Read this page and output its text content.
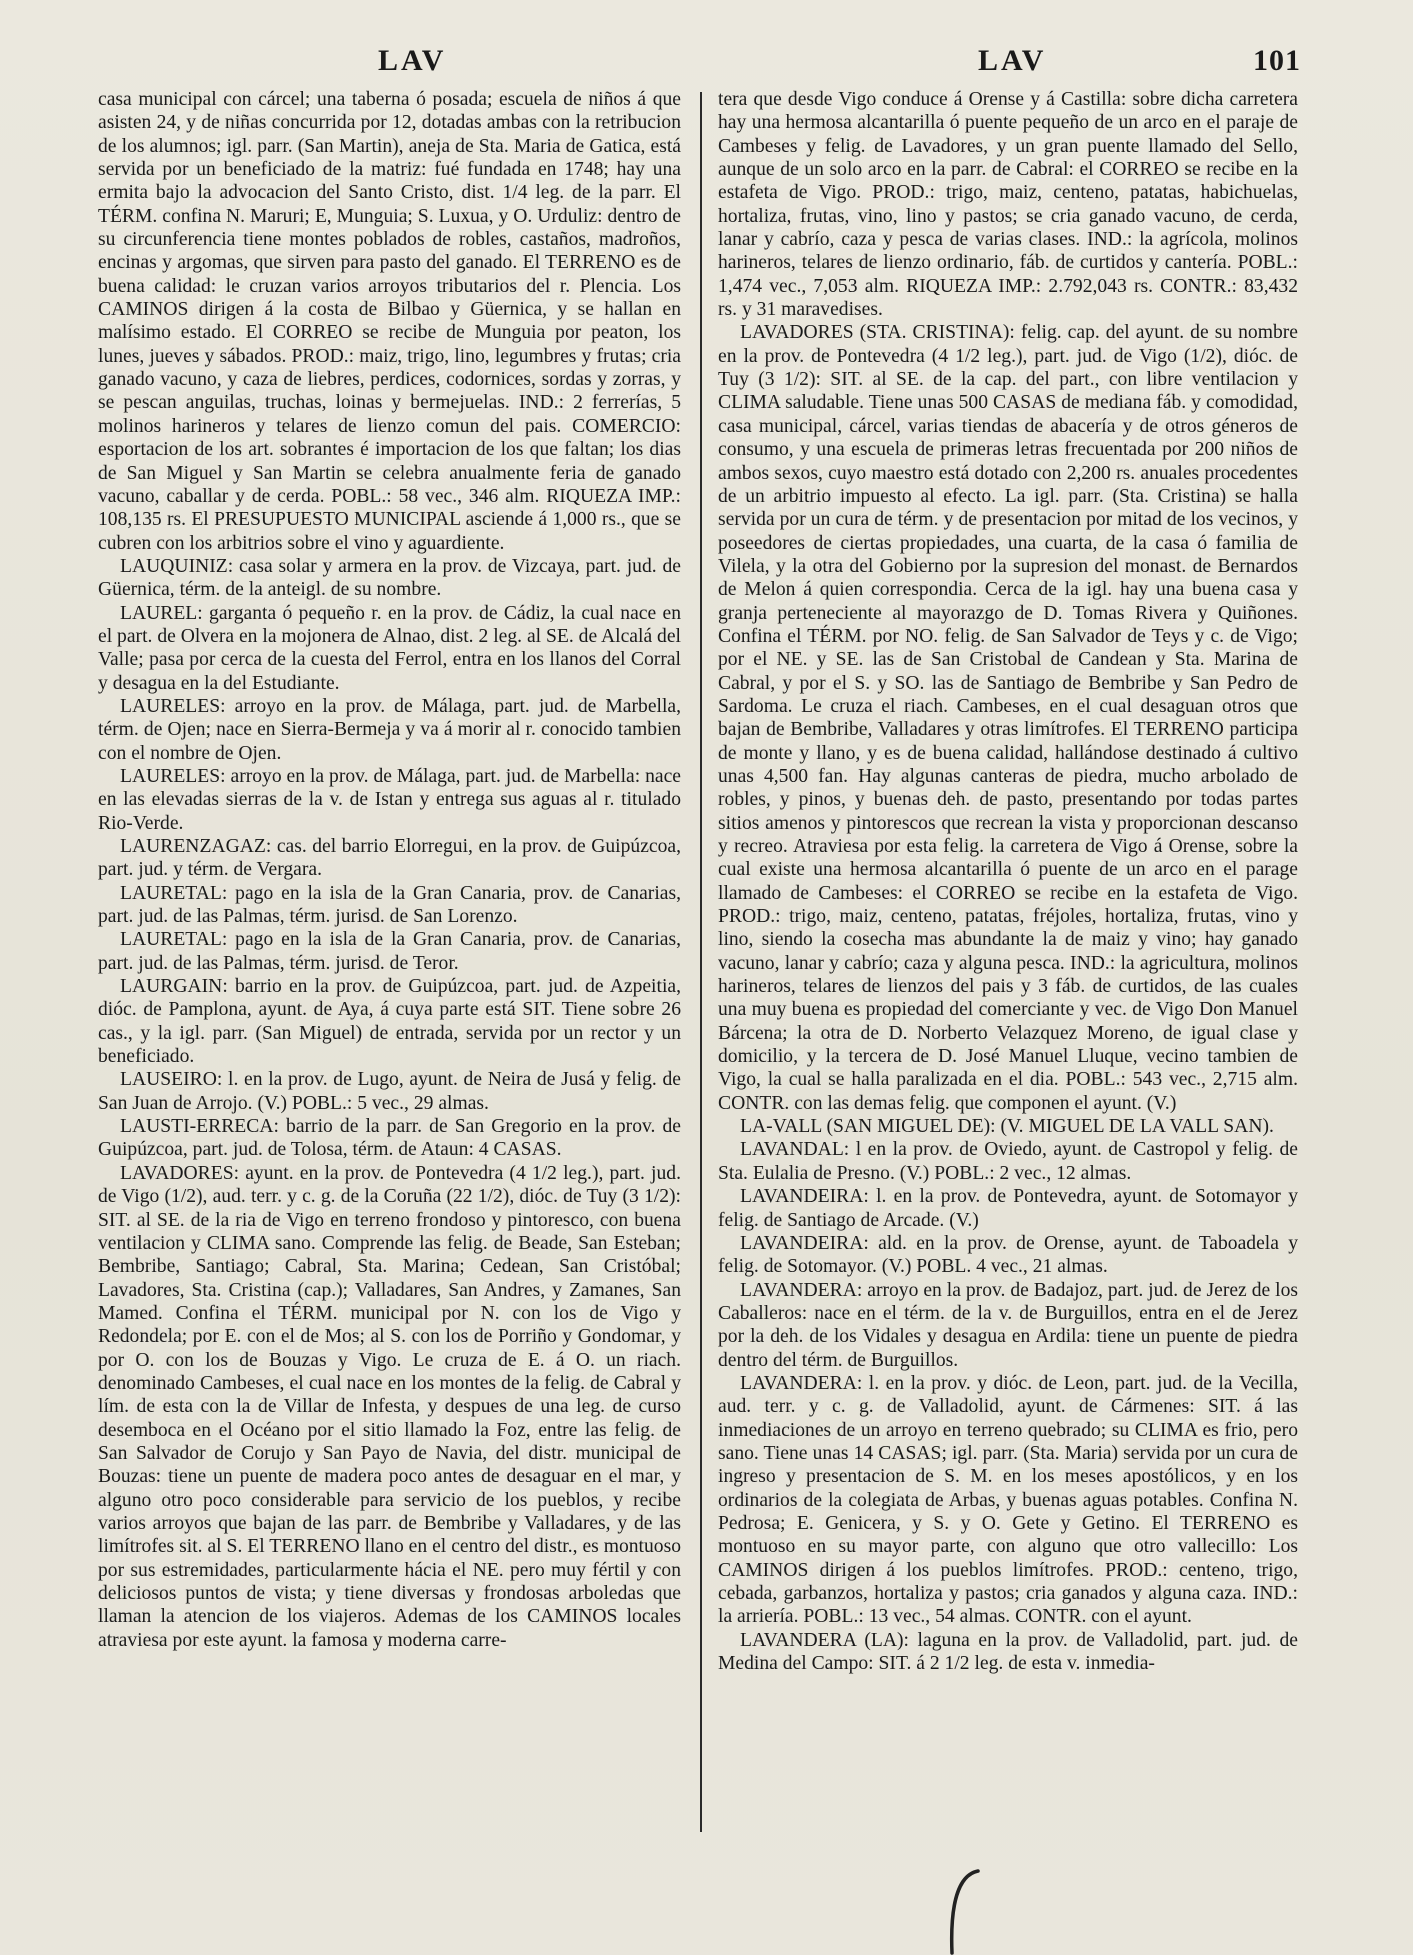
LAV	LAV	101

casa municipal con cárcel; una taberna ó posada; escuela de niños á que asisten 24, y de niñas concurrida por 12, dotadas ambas con la retribucion de los alumnos; igl. parr. (San Martin), aneja de Sta. Maria de Gatica, está servida por un beneficiado de la matriz: fué fundada en 1748; hay una ermita bajo la advocacion del Santo Cristo, dist. 1/4 leg. de la parr. El TÉRM. confina N. Maruri; E, Munguia; S. Luxua, y O. Urduliz: dentro de su circunferencia tiene montes poblados de robles, castaños, madroños, encinas y argomas, que sirven para pasto del ganado. El TERRENO es de buena calidad: le cruzan varios arroyos tributarios del r. Plencia. Los CAMINOS dirigen á la costa de Bilbao y Güernica, y se hallan en malísimo estado. El CORREO se recibe de Munguia por peaton, los lunes, jueves y sábados. PROD.: maiz, trigo, lino, legumbres y frutas; cria ganado vacuno, y caza de liebres, perdices, codornices, sordas y zorras, y se pescan anguilas, truchas, loinas y bermejuelas. IND.: 2 ferrerías, 5 molinos harineros y telares de lienzo comun del pais. COMERCIO: esportacion de los art. sobrantes é importacion de los que faltan; los dias de San Miguel y San Martin se celebra anualmente feria de ganado vacuno, caballar y de cerda. POBL.: 58 vec., 346 alm. RIQUEZA IMP.: 108,135 rs. El PRESUPUESTO MUNICIPAL asciende á 1,000 rs., que se cubren con los arbitrios sobre el vino y aguardiente.

LAUQUINIZ: casa solar y armera en la prov. de Vizcaya, part. jud. de Güernica, térm. de la anteigl. de su nombre.

LAUREL: garganta ó pequeño r. en la prov. de Cádiz, la cual nace en el part. de Olvera en la mojonera de Alnao, dist. 2 leg. al SE. de Alcalá del Valle; pasa por cerca de la cuesta del Ferrol, entra en los llanos del Corral y desagua en la del Estudiante.

LAURELES: arroyo en la prov. de Málaga, part. jud. de Marbella, térm. de Ojen; nace en Sierra-Bermeja y va á morir al r. conocido tambien con el nombre de Ojen.

LAURELES: arroyo en la prov. de Málaga, part. jud. de Marbella: nace en las elevadas sierras de la v. de Istan y entrega sus aguas al r. titulado Rio-Verde.

LAURENZAGAZ: cas. del barrio Elorregui, en la prov. de Guipúzcoa, part. jud. y térm. de Vergara.

LAURETAL: pago en la isla de la Gran Canaria, prov. de Canarias, part. jud. de las Palmas, térm. jurisd. de San Lorenzo.

LAURETAL: pago en la isla de la Gran Canaria, prov. de Canarias, part. jud. de las Palmas, térm. jurisd. de Teror.

LAURGAIN: barrio en la prov. de Guipúzcoa, part. jud. de Azpeitia, dióc. de Pamplona, ayunt. de Aya, á cuya parte está SIT. Tiene sobre 26 cas., y la igl. parr. (San Miguel) de entrada, servida por un rector y un beneficiado.

LAUSEIRO: l. en la prov. de Lugo, ayunt. de Neira de Jusá y felig. de San Juan de Arrojo. (V.) POBL.: 5 vec., 29 almas.

LAUSTI-ERRECA: barrio de la parr. de San Gregorio en la prov. de Guipúzcoa, part. jud. de Tolosa, térm. de Ataun: 4 CASAS.

LAVADORES: ayunt. en la prov. de Pontevedra (4 1/2 leg.), part. jud. de Vigo (1/2), aud. terr. y c. g. de la Coruña (22 1/2), dióc. de Tuy (3 1/2): SIT. al SE. de la ria de Vigo en terreno frondoso y pintoresco, con buena ventilacion y CLIMA sano. Comprende las felig. de Beade, San Esteban; Bembribe, Santiago; Cabral, Sta. Marina; Cedean, San Cristóbal; Lavadores, Sta. Cristina (cap.); Valladares, San Andres, y Zamanes, San Mamed. Confina el TÉRM. municipal por N. con los de Vigo y Redondela; por E. con el de Mos; al S. con los de Porriño y Gondomar, y por O. con los de Bouzas y Vigo. Le cruza de E. á O. un riach. denominado Cambeses, el cual nace en los montes de la felig. de Cabral y lím. de esta con la de Villar de Infesta, y despues de una leg. de curso desemboca en el Océano por el sitio llamado la Foz, entre las felig. de San Salvador de Corujo y San Payo de Navia, del distr. municipal de Bouzas: tiene un puente de madera poco antes de desaguar en el mar, y alguno otro poco considerable para servicio de los pueblos, y recibe varios arroyos que bajan de las parr. de Bembribe y Valladares, y de las limítrofes sit. al S. El TERRENO llano en el centro del distr., es montuoso por sus estremidades, particularmente hácia el NE. pero muy fértil y con deliciosos puntos de vista; y tiene diversas y frondosas arboledas que llaman la atencion de los viajeros. Ademas de los CAMINOS locales atraviesa por este ayunt. la famosa y moderna carre-

tera que desde Vigo conduce á Orense y á Castilla: sobre dicha carretera hay una hermosa alcantarilla ó puente pequeño de un arco en el paraje de Cambeses y felig. de Lavadores, y un gran puente llamado del Sello, aunque de un solo arco en la parr. de Cabral: el CORREO se recibe en la estafeta de Vigo. PROD.: trigo, maiz, centeno, patatas, habichuelas, hortaliza, frutas, vino, lino y pastos; se cria ganado vacuno, de cerda, lanar y cabrío, caza y pesca de varias clases. IND.: la agrícola, molinos harineros, telares de lienzo ordinario, fáb. de curtidos y cantería. POBL.: 1,474 vec., 7,053 alm. RIQUEZA IMP.: 2.792,043 rs. CONTR.: 83,432 rs. y 31 maravedises.

LAVADORES (STA. CRISTINA): felig. cap. del ayunt. de su nombre en la prov. de Pontevedra (4 1/2 leg.), part. jud. de Vigo (1/2), dióc. de Tuy (3 1/2): SIT. al SE. de la cap. del part., con libre ventilacion y CLIMA saludable. Tiene unas 500 CASAS de mediana fáb. y comodidad, casa municipal, cárcel, varias tiendas de abacería y de otros géneros de consumo, y una escuela de primeras letras frecuentada por 200 niños de ambos sexos, cuyo maestro está dotado con 2,200 rs. anuales procedentes de un arbitrio impuesto al efecto. La igl. parr. (Sta. Cristina) se halla servida por un cura de térm. y de presentacion por mitad de los vecinos, y poseedores de ciertas propiedades, una cuarta, de la casa ó familia de Vilela, y la otra del Gobierno por la supresion del monast. de Bernardos de Melon á quien correspondia. Cerca de la igl. hay una buena casa y granja perteneciente al mayorazgo de D. Tomas Rivera y Quiñones. Confina el TÉRM. por NO. felig. de San Salvador de Teys y c. de Vigo; por el NE. y SE. las de San Cristobal de Candean y Sta. Marina de Cabral, y por el S. y SO. las de Santiago de Bembribe y San Pedro de Sardoma. Le cruza el riach. Cambeses, en el cual desaguan otros que bajan de Bembribe, Valladares y otras limítrofes. El TERRENO participa de monte y llano, y es de buena calidad, hallándose destinado á cultivo unas 4,500 fan. Hay algunas canteras de piedra, mucho arbolado de robles, y pinos, y buenas deh. de pasto, presentando por todas partes sitios amenos y pintorescos que recrean la vista y proporcionan descanso y recreo. Atraviesa por esta felig. la carretera de Vigo á Orense, sobre la cual existe una hermosa alcantarilla ó puente de un arco en el parage llamado de Cambeses: el CORREO se recibe en la estafeta de Vigo. PROD.: trigo, maiz, centeno, patatas, fréjoles, hortaliza, frutas, vino y lino, siendo la cosecha mas abundante la de maiz y vino; hay ganado vacuno, lanar y cabrío; caza y alguna pesca. IND.: la agricultura, molinos harineros, telares de lienzos del pais y 3 fáb. de curtidos, de las cuales una muy buena es propiedad del comerciante y vec. de Vigo Don Manuel Bárcena; la otra de D. Norberto Velazquez Moreno, de igual clase y domicilio, y la tercera de D. José Manuel Lluque, vecino tambien de Vigo, la cual se halla paralizada en el dia. POBL.: 543 vec., 2,715 alm. CONTR. con las demas felig. que componen el ayunt. (V.)

LA-VALL (SAN MIGUEL DE): (V. MIGUEL DE LA VALL SAN).

LAVANDAL: l en la prov. de Oviedo, ayunt. de Castropol y felig. de Sta. Eulalia de Presno. (V.) POBL.: 2 vec., 12 almas.

LAVANDEIRA: l. en la prov. de Pontevedra, ayunt. de Sotomayor y felig. de Santiago de Arcade. (V.)

LAVANDEIRA: ald. en la prov. de Orense, ayunt. de Taboadela y felig. de Sotomayor. (V.) POBL. 4 vec., 21 almas.

LAVANDERA: arroyo en la prov. de Badajoz, part. jud. de Jerez de los Caballeros: nace en el térm. de la v. de Burguillos, entra en el de Jerez por la deh. de los Vidales y desagua en Ardila: tiene un puente de piedra dentro del térm. de Burguillos.

LAVANDERA: l. en la prov. y dióc. de Leon, part. jud. de la Vecilla, aud. terr. y c. g. de Valladolid, ayunt. de Cármenes: SIT. á las inmediaciones de un arroyo en terreno quebrado; su CLIMA es frio, pero sano. Tiene unas 14 CASAS; igl. parr. (Sta. Maria) servida por un cura de ingreso y presentacion de S. M. en los meses apostólicos, y en los ordinarios de la colegiata de Arbas, y buenas aguas potables. Confina N. Pedrosa; E. Genicera, y S. y O. Gete y Getino. El TERRENO es montuoso en su mayor parte, con alguno que otro vallecillo: Los CAMINOS dirigen á los pueblos limítrofes. PROD.: centeno, trigo, cebada, garbanzos, hortaliza y pastos; cria ganados y alguna caza. IND.: la arriería. POBL.: 13 vec., 54 almas. CONTR. con el ayunt.

LAVANDERA (LA): laguna en la prov. de Valladolid, part. jud. de Medina del Campo: SIT. á 2 1/2 leg. de esta v. inmedia-
